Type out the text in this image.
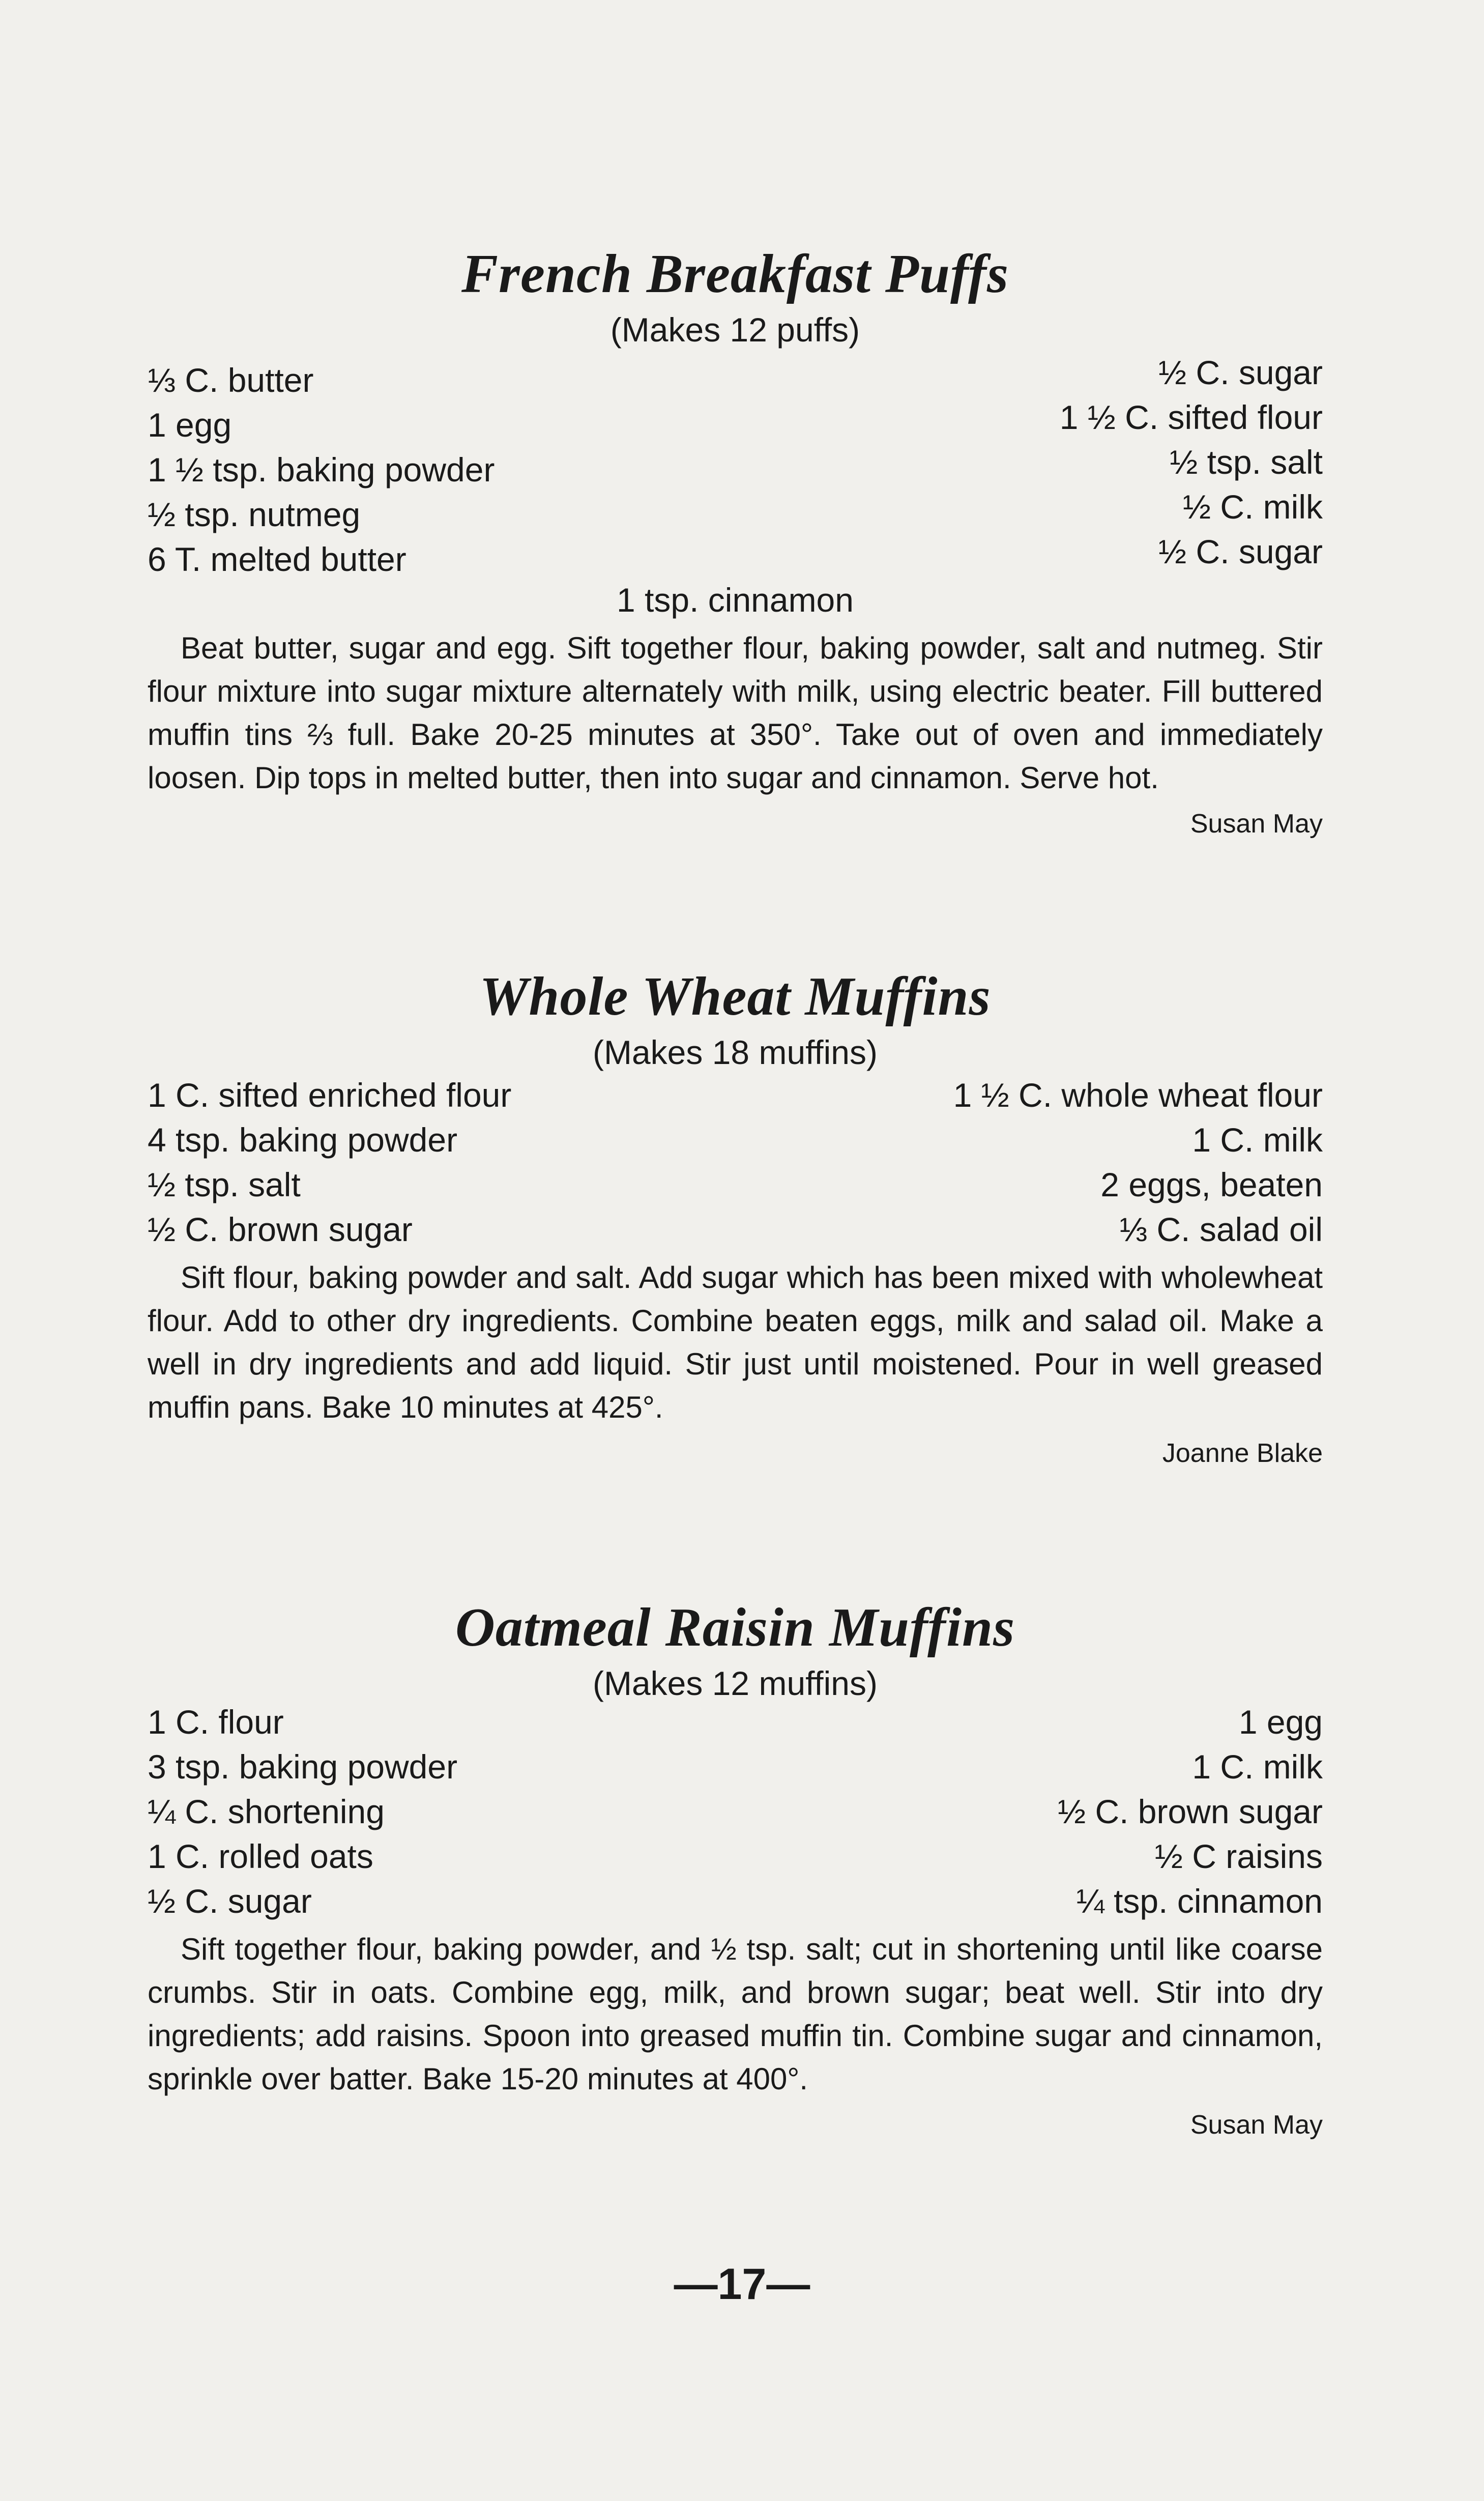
French Breakfast Puffs
(Makes 12 puffs)
⅓ C. butter
1 egg
1 ½ tsp. baking powder
½ tsp. nutmeg
6 T. melted butter
½ C. sugar
1 ½ C. sifted flour
½ tsp. salt
½ C. milk
½ C. sugar
1 tsp. cinnamon

Beat butter, sugar and egg. Sift together flour, baking powder, salt and nutmeg. Stir flour mixture into sugar mixture alternately with milk, using electric beater. Fill buttered muffin tins ⅔ full. Bake 20-25 minutes at 350°. Take out of oven and immediately loosen. Dip tops in melted butter, then into sugar and cinnamon. Serve hot.

Susan May
Whole Wheat Muffins
(Makes 18 muffins)
1 C. sifted enriched flour
4 tsp. baking powder
½ tsp. salt
½ C. brown sugar
1 ½ C. whole wheat flour
1 C. milk
2 eggs, beaten
⅓ C. salad oil

Sift flour, baking powder and salt. Add sugar which has been mixed with wholewheat flour. Add to other dry ingredients. Combine beaten eggs, milk and salad oil. Make a well in dry ingredients and add liquid. Stir just until moistened. Pour in well greased muffin pans. Bake 10 minutes at 425°.

Joanne Blake
Oatmeal Raisin Muffins
(Makes 12 muffins)
1 C. flour
3 tsp. baking powder
¼ C. shortening
1 C. rolled oats
½ C. sugar
1 egg
1 C. milk
½ C. brown sugar
½ C raisins
¼ tsp. cinnamon

Sift together flour, baking powder, and ½ tsp. salt; cut in shortening until like coarse crumbs. Stir in oats. Combine egg, milk, and brown sugar; beat well. Stir into dry ingredients; add raisins. Spoon into greased muffin tin. Combine sugar and cinnamon, sprinkle over batter. Bake 15-20 minutes at 400°.

Susan May
—17—
